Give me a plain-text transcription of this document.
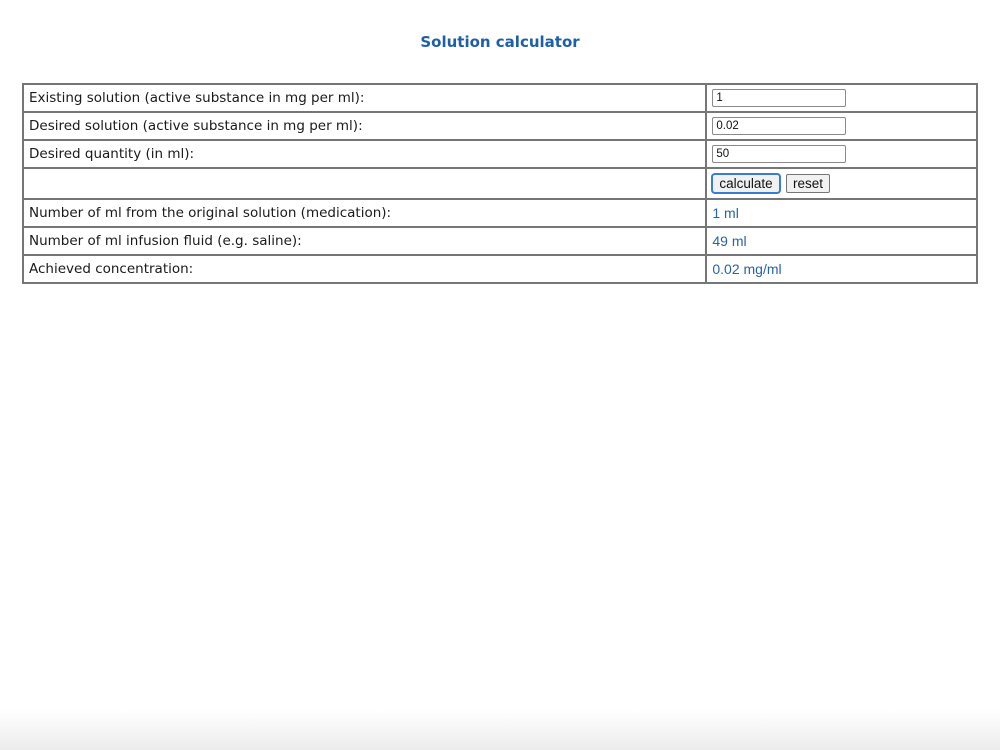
Solution calculator
Existing solution (active substance in mg per ml):	1
Desired solution (active substance in mg per ml):	0.02
Desired quantity (in ml):	50
	calculate reset
Number of ml from the original solution (medication):	1 ml
Number of ml infusion fluid (e.g. saline):	49 ml
Achieved concentration:	0.02 mg/ml
